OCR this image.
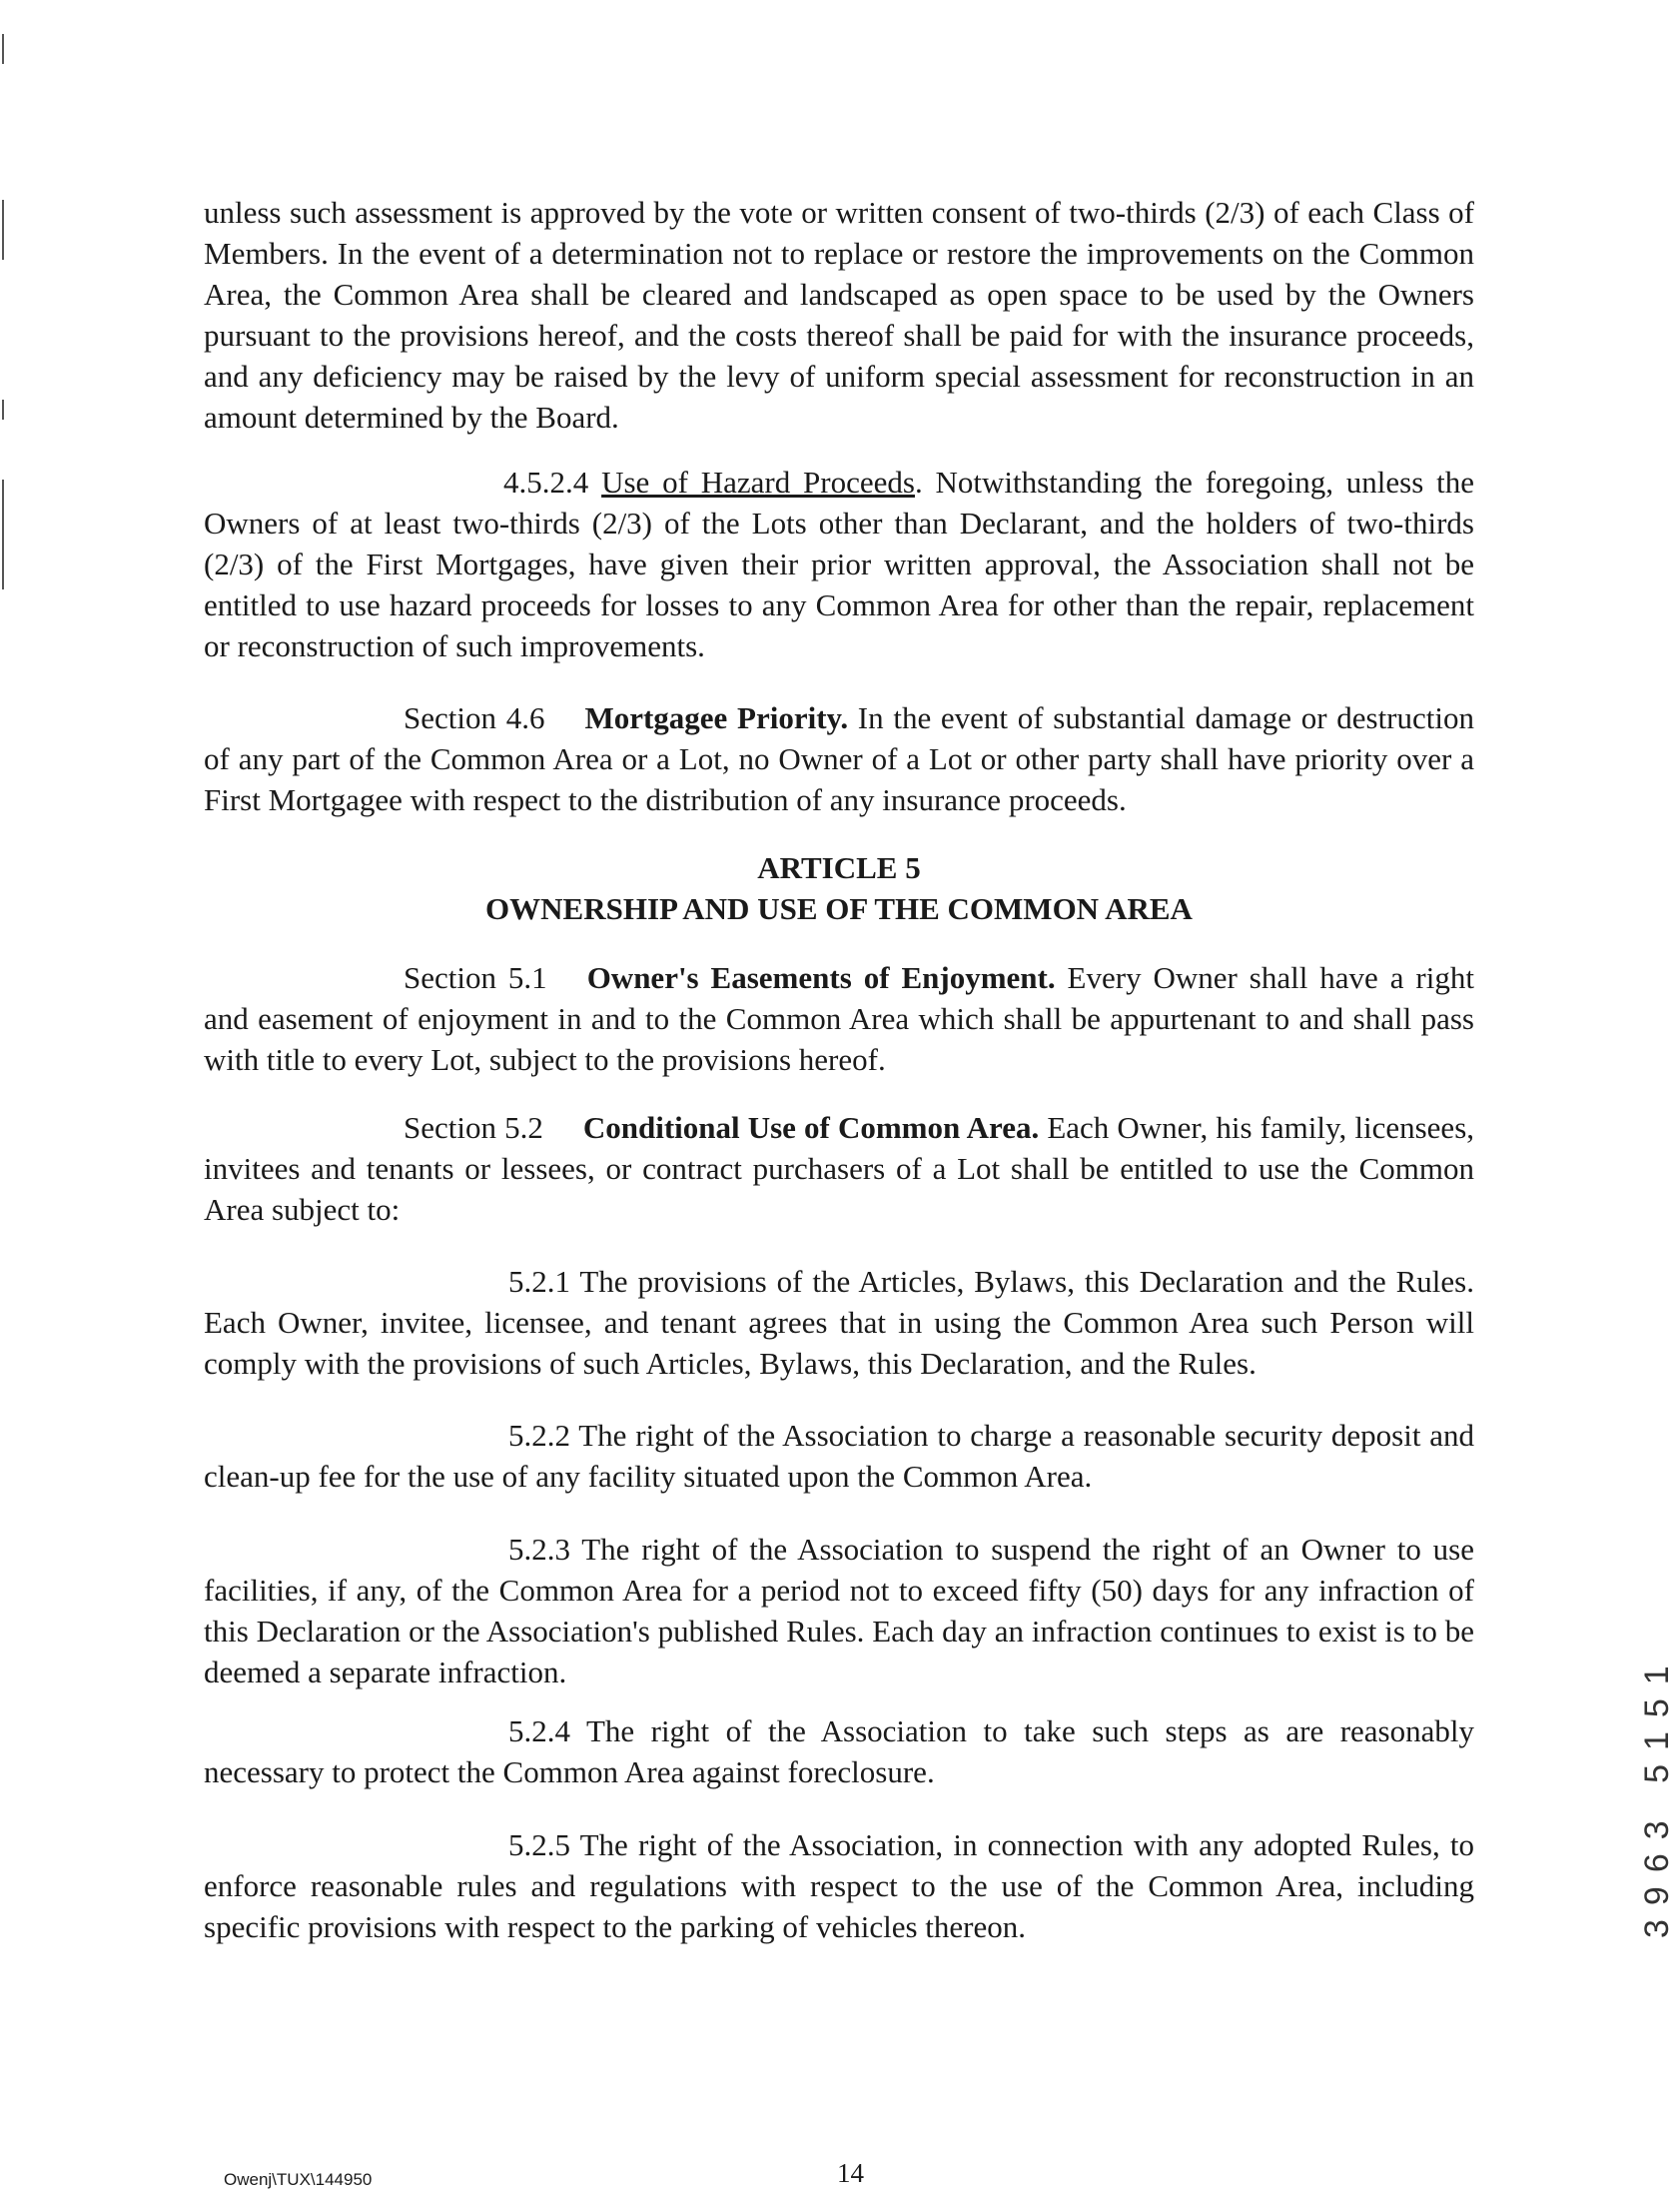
unless such assessment is approved by the vote or written consent of two-thirds (2/3) of each Class of Members. In the event of a determination not to replace or restore the improvements on the Common Area, the Common Area shall be cleared and landscaped as open space to be used by the Owners pursuant to the provisions hereof, and the costs thereof shall be paid for with the insurance proceeds, and any deficiency may be raised by the levy of uniform special assessment for reconstruction in an amount determined by the Board.

4.5.2.4 Use of Hazard Proceeds. Notwithstanding the foregoing, unless the Owners of at least two-thirds (2/3) of the Lots other than Declarant, and the holders of two-thirds (2/3) of the First Mortgages, have given their prior written approval, the Association shall not be entitled to use hazard proceeds for losses to any Common Area for other than the repair, replacement or reconstruction of such improvements.

Section 4.6 Mortgagee Priority. In the event of substantial damage or destruction of any part of the Common Area or a Lot, no Owner of a Lot or other party shall have priority over a First Mortgagee with respect to the distribution of any insurance proceeds.

ARTICLE 5
OWNERSHIP AND USE OF THE COMMON AREA

Section 5.1 Owner's Easements of Enjoyment. Every Owner shall have a right and easement of enjoyment in and to the Common Area which shall be appurtenant to and shall pass with title to every Lot, subject to the provisions hereof.

Section 5.2 Conditional Use of Common Area. Each Owner, his family, licensees, invitees and tenants or lessees, or contract purchasers of a Lot shall be entitled to use the Common Area subject to:

5.2.1 The provisions of the Articles, Bylaws, this Declaration and the Rules. Each Owner, invitee, licensee, and tenant agrees that in using the Common Area such Person will comply with the provisions of such Articles, Bylaws, this Declaration, and the Rules.

5.2.2 The right of the Association to charge a reasonable security deposit and clean-up fee for the use of any facility situated upon the Common Area.

5.2.3 The right of the Association to suspend the right of an Owner to use facilities, if any, of the Common Area for a period not to exceed fifty (50) days for any infraction of this Declaration or the Association's published Rules. Each day an infraction continues to exist is to be deemed a separate infraction.

5.2.4 The right of the Association to take such steps as are reasonably necessary to protect the Common Area against foreclosure.

5.2.5 The right of the Association, in connection with any adopted Rules, to enforce reasonable rules and regulations with respect to the use of the Common Area, including specific provisions with respect to the parking of vehicles thereon.	3963 5151
Owenj\TUX\144950	14
